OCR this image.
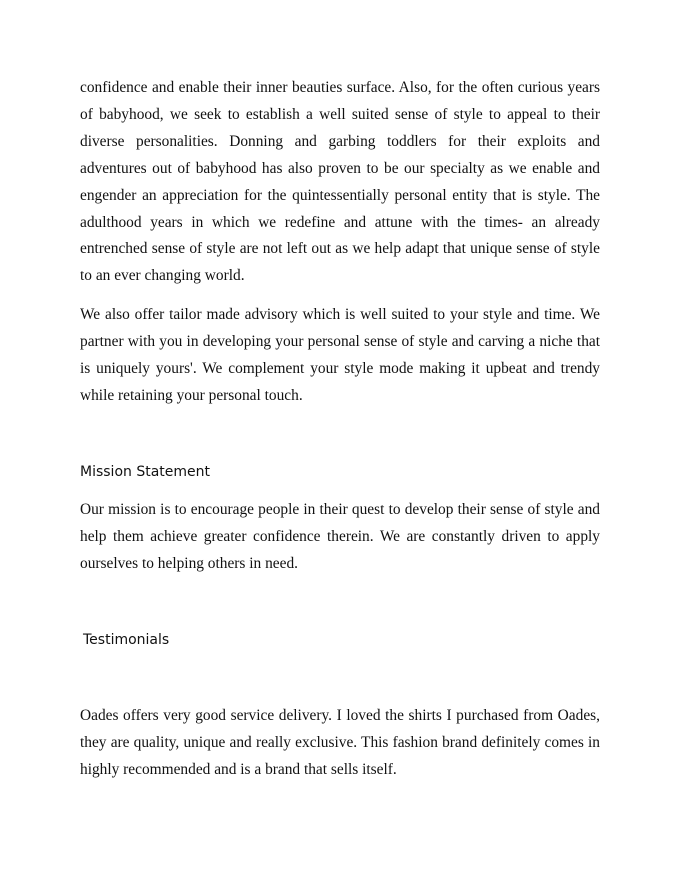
confidence and enable their inner beauties surface. Also, for the often curious years of babyhood, we seek to establish a well suited sense of style to appeal to their diverse personalities. Donning and garbing toddlers for their exploits and adventures out of babyhood has also proven to be our specialty as we enable and engender an appreciation for the quintessentially personal entity that is style. The adulthood years in which we redefine and attune with the times- an already entrenched sense of style are not left out as we help adapt that unique sense of style to an ever changing world.

We also offer tailor made advisory which is well suited to your style and time. We partner with you in developing your personal sense of style and carving a niche that is uniquely yours'. We complement your style mode making it upbeat and trendy while retaining your personal touch.

Mission Statement

Our mission is to encourage people in their quest to develop their sense of style and help them achieve greater confidence therein. We are constantly driven to apply ourselves to helping others in need.

Testimonials

Oades offers very good service delivery. I loved the shirts I purchased from Oades, they are quality, unique and really exclusive. This fashion brand definitely comes in highly recommended and is a brand that sells itself.
